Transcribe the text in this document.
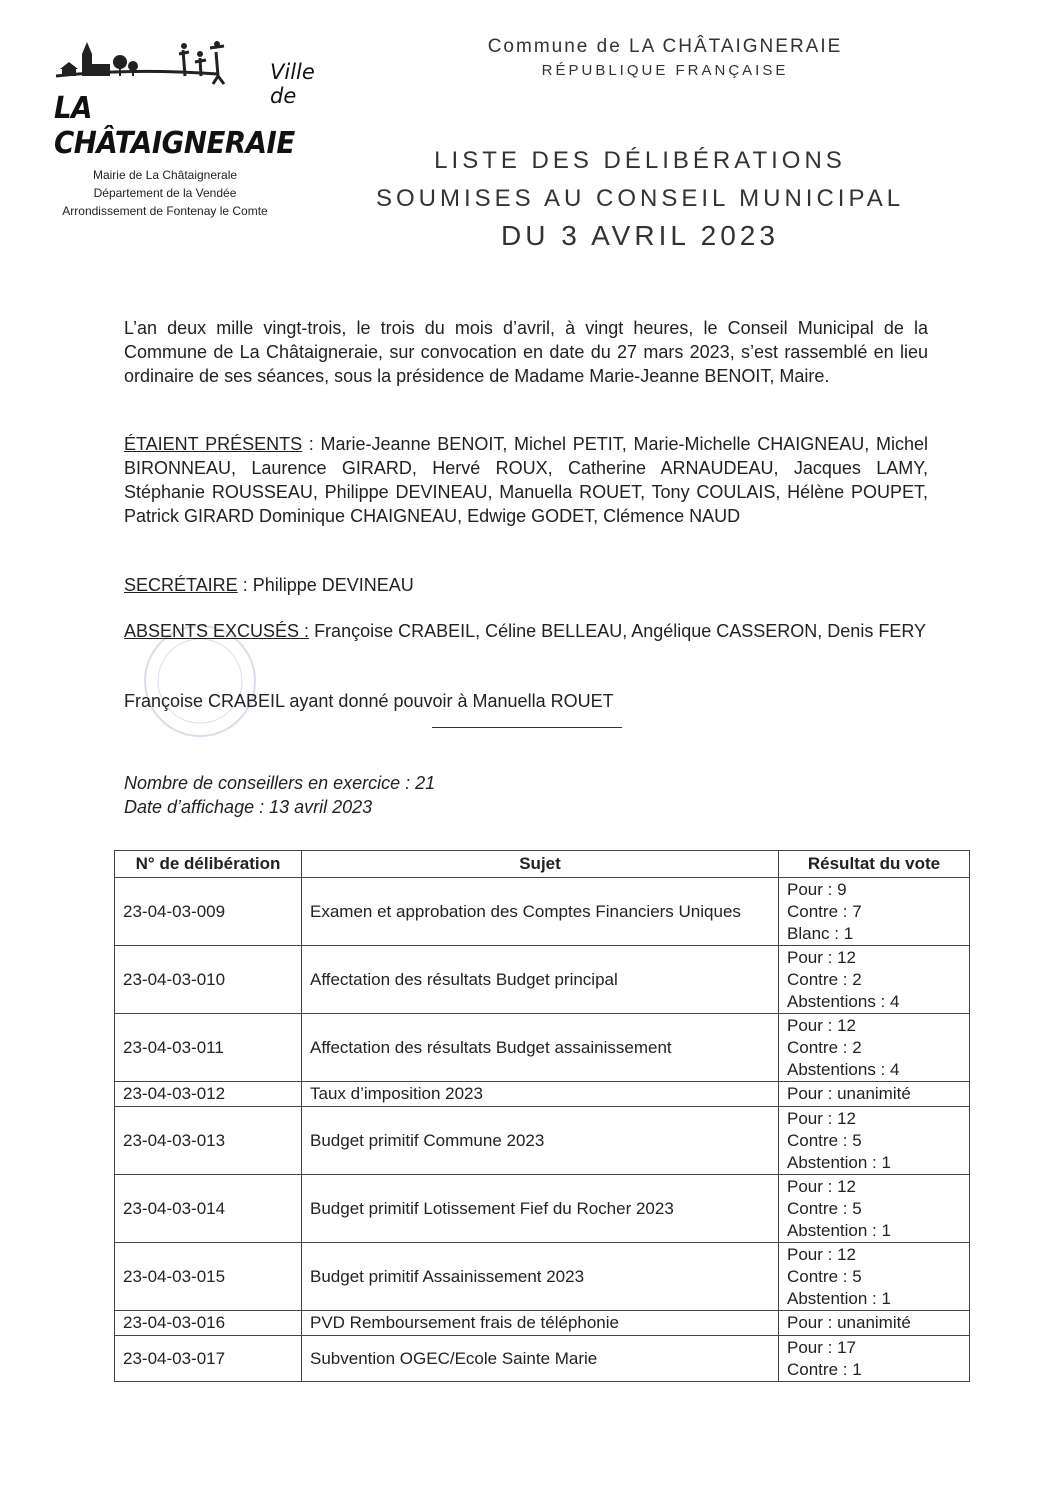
Ville de
LA CHÂTAIGNERAIE
Commune de LA CHÂTAIGNERAIE
RÉPUBLIQUE FRANÇAISE
Mairie de La Châtaignerale
Département de la Vendée
Arrondissement de Fontenay le Comte
LISTE DES DÉLIBÉRATIONS
SOUMISES AU CONSEIL MUNICIPAL
DU 3 AVRIL 2023
L’an deux mille vingt-trois, le trois du mois d’avril, à vingt heures, le Conseil Municipal de la Commune de La Châtaigneraie, sur convocation en date du 27 mars 2023, s’est rassemblé en lieu ordinaire de ses séances, sous la présidence de Madame Marie-Jeanne BENOIT, Maire.
ÉTAIENT PRÉSENTS : Marie-Jeanne BENOIT, Michel PETIT, Marie-Michelle CHAIGNEAU, Michel BIRONNEAU, Laurence GIRARD, Hervé ROUX, Catherine ARNAUDEAU, Jacques LAMY, Stéphanie ROUSSEAU, Philippe DEVINEAU, Manuella ROUET, Tony COULAIS, Hélène POUPET, Patrick GIRARD Dominique CHAIGNEAU, Edwige GODET, Clémence NAUD
SECRÉTAIRE : Philippe DEVINEAU
ABSENTS EXCUSÉS : Françoise CRABEIL, Céline BELLEAU, Angélique CASSERON, Denis FERY
Françoise CRABEIL ayant donné pouvoir à Manuella ROUET
Nombre de conseillers en exercice : 21
Date d’affichage : 13 avril 2023
N° de délibération	Sujet	Résultat du vote
23-04-03-009	Examen et approbation des Comptes Financiers Uniques	Pour : 9
Contre : 7
Blanc : 1

23-04-03-010	Affectation des résultats Budget principal	Pour : 12
Contre : 2
Abstentions : 4

23-04-03-011	Affectation des résultats Budget assainissement	Pour : 12
Contre : 2
Abstentions : 4

23-04-03-012	Taux d’imposition 2023	Pour : unanimité

23-04-03-013	Budget primitif Commune 2023	Pour : 12
Contre : 5
Abstention : 1

23-04-03-014	Budget primitif Lotissement Fief du Rocher 2023	Pour : 12
Contre : 5
Abstention : 1

23-04-03-015	Budget primitif Assainissement 2023	Pour : 12
Contre : 5
Abstention : 1

23-04-03-016	PVD Remboursement frais de téléphonie	Pour : unanimité

23-04-03-017	Subvention OGEC/Ecole Sainte Marie	Pour : 17
Contre : 1
